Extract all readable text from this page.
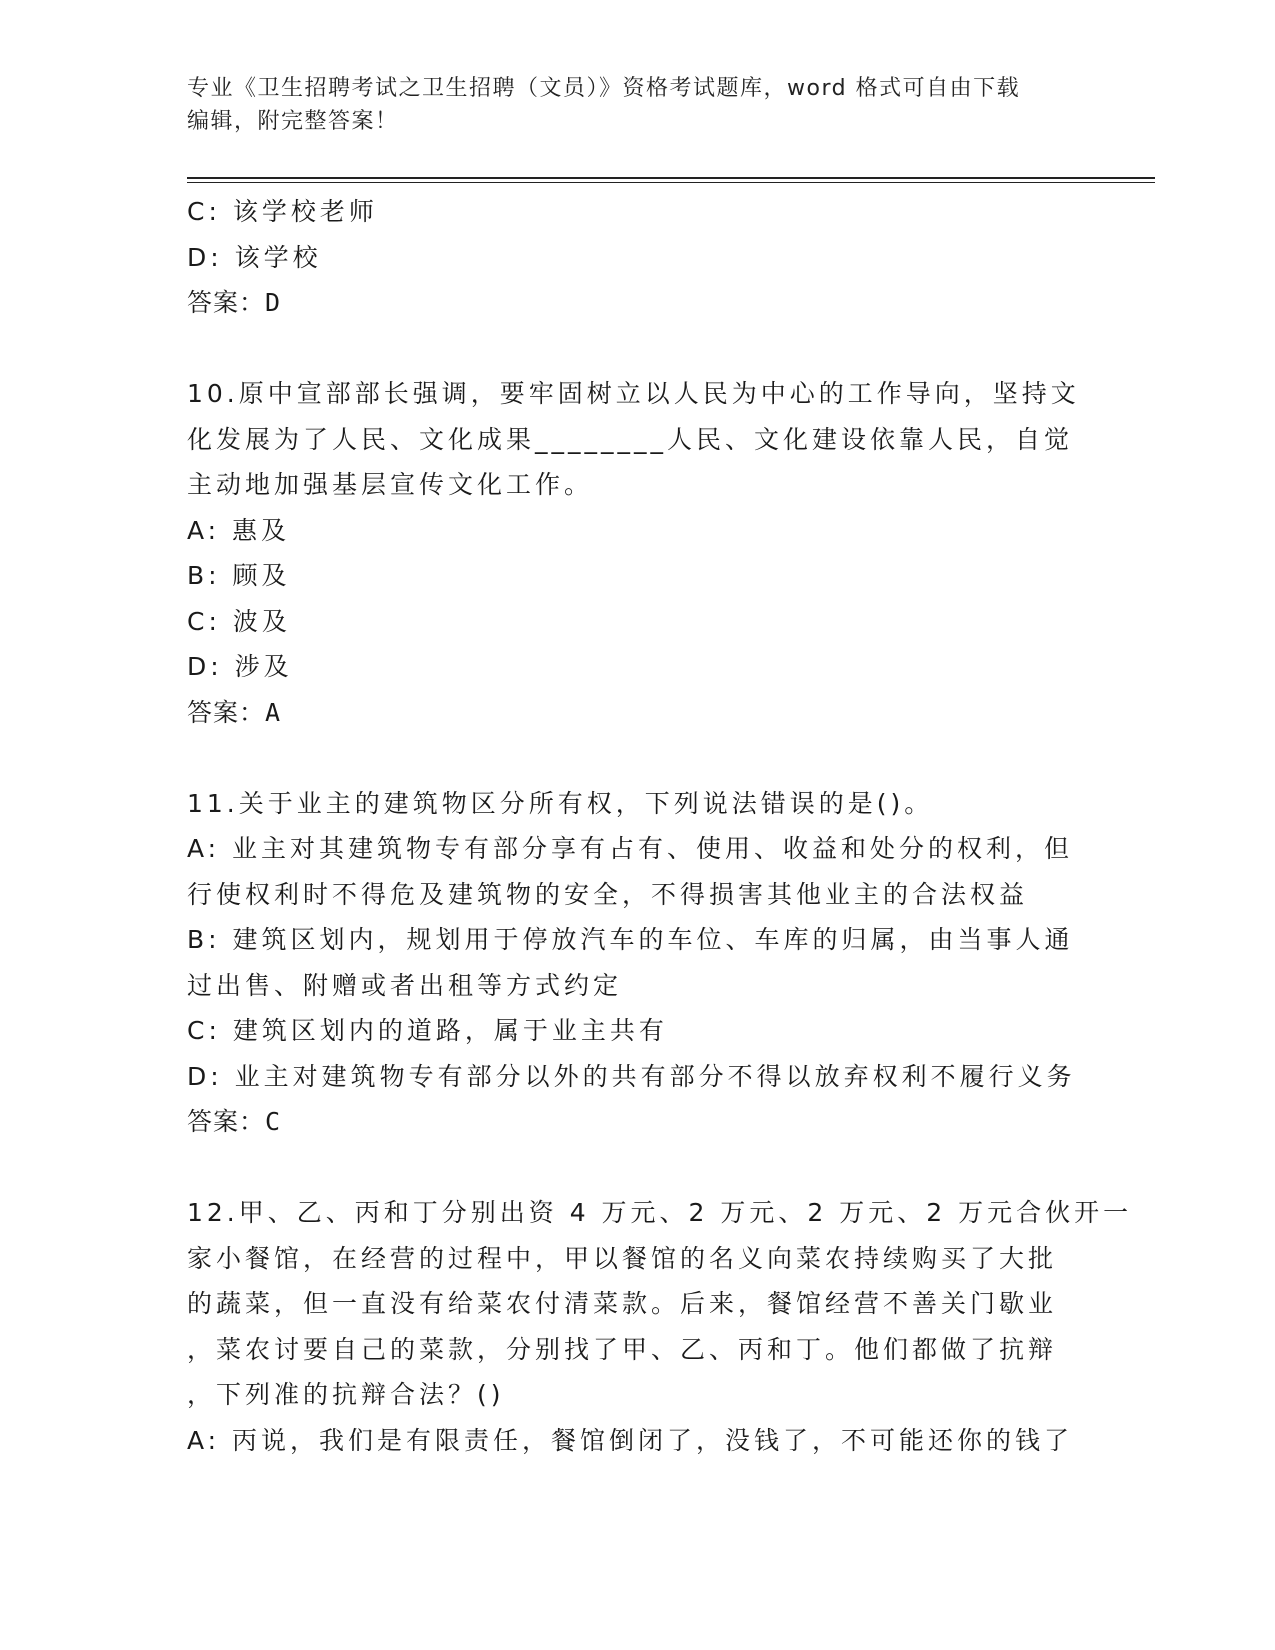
专业《卫生招聘考试之卫生招聘（文员）》资格考试题库，word 格式可自由下载
编辑，附完整答案！
C: 该学校老师
D: 该学校
答案：D
10.原中宣部部长强调，要牢固树立以人民为中心的工作导向，坚持文
化发展为了人民、文化成果________人民、文化建设依靠人民，自觉
主动地加强基层宣传文化工作。
A: 惠及
B: 顾及
C: 波及
D: 涉及
答案：A
11.关于业主的建筑物区分所有权，下列说法错误的是()。
A: 业主对其建筑物专有部分享有占有、使用、收益和处分的权利，但
行使权利时不得危及建筑物的安全，不得损害其他业主的合法权益
B: 建筑区划内，规划用于停放汽车的车位、车库的归属，由当事人通
过出售、附赠或者出租等方式约定
C: 建筑区划内的道路，属于业主共有
D: 业主对建筑物专有部分以外的共有部分不得以放弃权利不履行义务
答案：C
12.甲、乙、丙和丁分别出资 4 万元、2 万元、2 万元、2 万元合伙开一
家小餐馆，在经营的过程中，甲以餐馆的名义向菜农持续购买了大批
的蔬菜，但一直没有给菜农付清菜款。后来，餐馆经营不善关门歇业
，菜农讨要自己的菜款，分别找了甲、乙、丙和丁。他们都做了抗辩
，下列准的抗辩合法？()
A: 丙说，我们是有限责任，餐馆倒闭了，没钱了，不可能还你的钱了
